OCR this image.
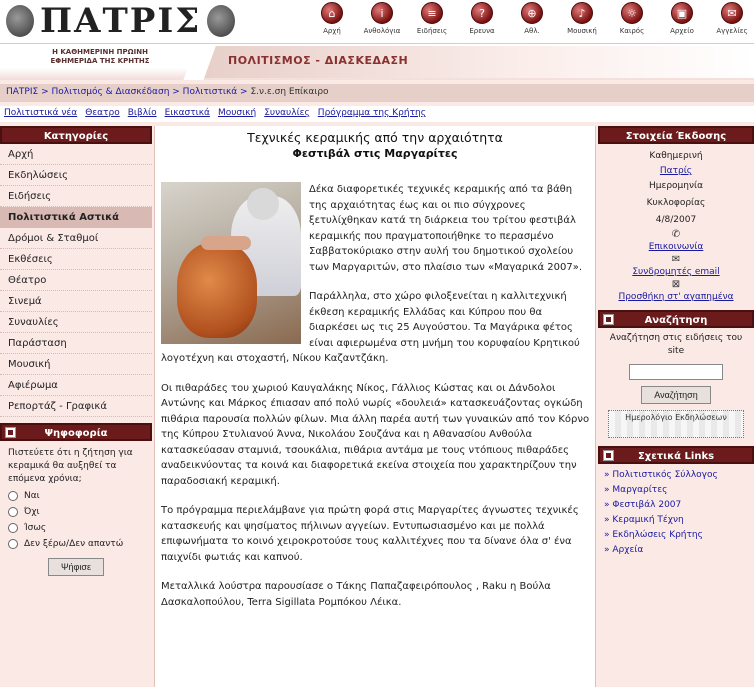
ΠΑΤΡΙΣ	⌂
Αρχή
i
Ανθολόγια
≡
Ειδήσεις
?
Ερευνα
⊕
Αθλ.
♪
Μουσική
☼
Καιρός
▣
Αρχείο
✉
Αγγελίες
Η ΚΑΘΗΜΕΡΙΝΗ ΠΡΩΙΝΗ ΕΦΗΜΕΡΙΔΑ ΤΗΣ ΚΡΗΤΗΣ	ΠΟΛΙΤΙΣΜΟΣ - ΔΙΑΣΚΕΔΑΣΗ
ΠΑΤΡΙΣ > Πολιτισμός & Διασκέδαση > Πολιτιστικά > Σ.ν.ε.ση Επίκαιρο
Πολιτιστικά νέα Θεατρο Βιβλίο Εικαστικά Μουσική Συναυλίες Πρόγραμμα της Κρήτης
Κατηγορίες
Αρχή
Εκδηλώσεις
Ειδήσεις
Πολιτιστικά Αστικά
Δρόμοι & Σταθμοί
Εκθέσεις
Θέατρο
Σινεμά
Συναυλίες
Παράσταση
Μουσική
Αφιέρωμα
Ρεπορτάζ - Γραφικά
Ψηφοφορία
Πιστεύετε ότι η ζήτηση για κεραμικά θα αυξηθεί τα επόμενα χρόνια;
Ναι
Όχι
Ίσως
Δεν ξέρω/Δεν απαντώ
Ψήφισε
Τεχνικές κεραμικής από την αρχαιότητα
Φεστιβάλ στις Μαργαρίτες

Δέκα διαφορετικές τεχνικές κεραμικής από τα βάθη της αρχαιότητας έως και οι πιο σύγχρονες ξετυλίχθηκαν κατά τη διάρκεια του τρίτου φεστιβάλ κεραμικής που πραγματοποιήθηκε το περασμένο Σαββατοκύριακο στην αυλή του δημοτικού σχολείου των Μαργαριτών, στο πλαίσιο των «Μαγαρικά 2007».

Παράλληλα, στο χώρο φιλοξενείται η καλλιτεχνική έκθεση κεραμικής Ελλάδας και Κύπρου που θα διαρκέσει ως τις 25 Αυγούστου. Τα Μαγάρικα φέτος είναι αφιερωμένα στη μνήμη του κορυφαίου Κρητικού λογοτέχνη και στοχαστή, Νίκου Καζαντζάκη.

Οι πιθαράδες του χωριού Καυγαλάκης Νίκος, Γάλλιος Κώστας και οι Δάνδολοι Αντώνης και Μάρκος έπιασαν από πολύ νωρίς «δουλειά» κατασκευάζοντας ογκώδη πιθάρια παρουσία πολλών φίλων. Μια άλλη παρέα αυτή των γυναικών από τον Κόρνο της Κύπρου Στυλιανού Άννα, Νικολάου Σουζάνα και η Αθανασίου Ανθούλα κατασκεύασαν σταμνιά, τσουκάλια, πιθάρια αντάμα με τους ντόπιους πιθαράδες αναδεικνύοντας τα κοινά και διαφορετικά εκείνα στοιχεία που χαρακτηρίζουν την παραδοσιακή κεραμική.

Το πρόγραμμα περιελάμβανε για πρώτη φορά στις Μαργαρίτες άγνωστες τεχνικές κατασκευής και ψησίματος πήλινων αγγείων. Εντυπωσιασμένο και με πολλά επιφωνήματα το κοινό χειροκροτούσε τους καλλιτέχνες που τα δίνανε όλα σ' ένα παιχνίδι φωτιάς και καπνού.

Μεταλλικά λούστρα παρουσίασε ο Τάκης Παπαζαφειρόπουλος , Raku η Βούλα Δασκαλοπούλου, Terra Sigillata Ρομπόκου Λέικα.

Στοιχεία Έκδοσης
Καθημερινή
Πατρίς
Ημερομηνία
Κυκλοφορίας
4/8/2007
✆
Επικοινωνία
✉
Συνδρομητές email
⊠
Προσθήκη στ' αγαπημένα
Αναζήτηση
Αναζήτηση στις ειδήσεις του site
Αναζήτηση
Ημερολόγιο Εκδηλώσεων
Σχετικά Links
» Πολιτιστικός Σύλλογος
» Μαργαρίτες
» Φεστιβάλ 2007
» Κεραμική Τέχνη
» Εκδηλώσεις Κρήτης
» Αρχεία
